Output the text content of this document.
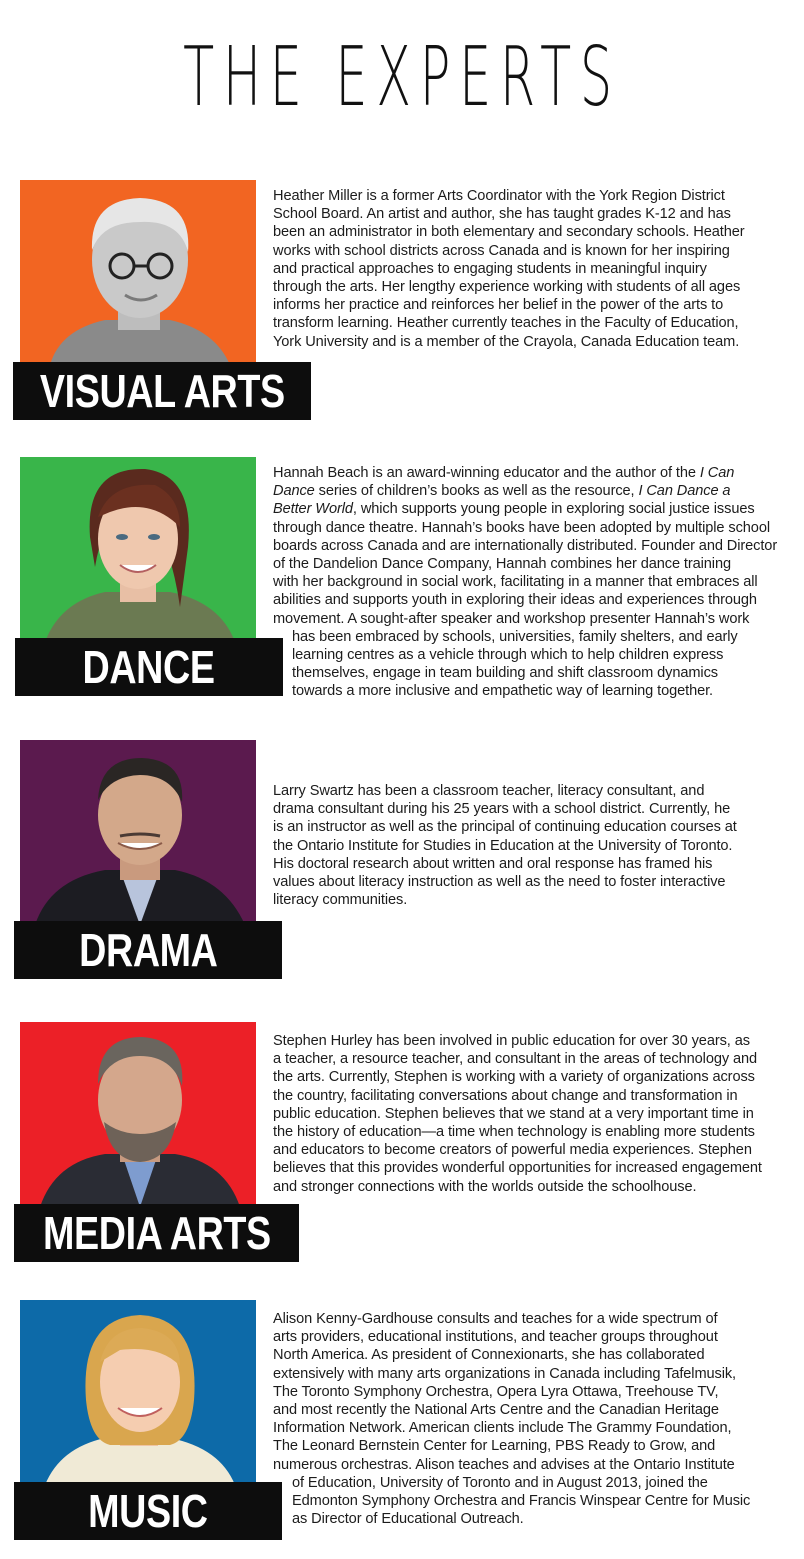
THE EXPERTS
VISUAL ARTS
Heather Miller is a former Arts Coordinator with the York Region District
School Board. An artist and author, she has taught grades K-12 and has
been an administrator in both elementary and secondary schools. Heather
works with school districts across Canada and is known for her inspiring
and practical approaches to engaging students in meaningful inquiry
through the arts. Her lengthy experience working with students of all ages
informs her practice and reinforces her belief in the power of the arts to
transform learning. Heather currently teaches in the Faculty of Education,
York University and is a member of the Crayola, Canada Education team.
DANCE
Hannah Beach is an award-winning educator and the author of the I Can
Dance series of children’s books as well as the resource, I Can Dance a
Better World, which supports young people in exploring social justice issues
through dance theatre. Hannah’s books have been adopted by multiple school
boards across Canada and are internationally distributed. Founder and Director
of the Dandelion Dance Company, Hannah combines her dance training
with her background in social work, facilitating in a manner that embraces all
abilities and supports youth in exploring their ideas and experiences through
movement. A sought-after speaker and workshop presenter Hannah’s work
has been embraced by schools, universities, family shelters, and early
learning centres as a vehicle through which to help children express
themselves, engage in team building and shift classroom dynamics
towards a more inclusive and empathetic way of learning together.
DRAMA
Larry Swartz has been a classroom teacher, literacy consultant, and
drama consultant during his 25 years with a school district. Currently, he
is an instructor as well as the principal of continuing education courses at
the Ontario Institute for Studies in Education at the University of Toronto.
His doctoral research about written and oral response has framed his
values about literacy instruction as well as the need to foster interactive
literacy communities.
MEDIA ARTS
Stephen Hurley has been involved in public education for over 30 years, as
a teacher, a resource teacher, and consultant in the areas of technology and
the arts. Currently, Stephen is working with a variety of organizations across
the country, facilitating conversations about change and transformation in
public education. Stephen believes that we stand at a very important time in
the history of education—a time when technology is enabling more students
and educators to become creators of powerful media experiences. Stephen
believes that this provides wonderful opportunities for increased engagement
and stronger connections with the worlds outside the schoolhouse.
MUSIC
Alison Kenny-Gardhouse consults and teaches for a wide spectrum of
arts providers, educational institutions, and teacher groups throughout
North America. As president of Connexionarts, she has collaborated
extensively with many arts organizations in Canada including Tafelmusik,
The Toronto Symphony Orchestra, Opera Lyra Ottawa, Treehouse TV,
and most recently the National Arts Centre and the Canadian Heritage
Information Network. American clients include The Grammy Foundation,
The Leonard Bernstein Center for Learning, PBS Ready to Grow, and
numerous orchestras. Alison teaches and advises at the Ontario Institute
of Education, University of Toronto and in August 2013, joined the
Edmonton Symphony Orchestra and Francis Winspear Centre for Music
as Director of Educational Outreach.
